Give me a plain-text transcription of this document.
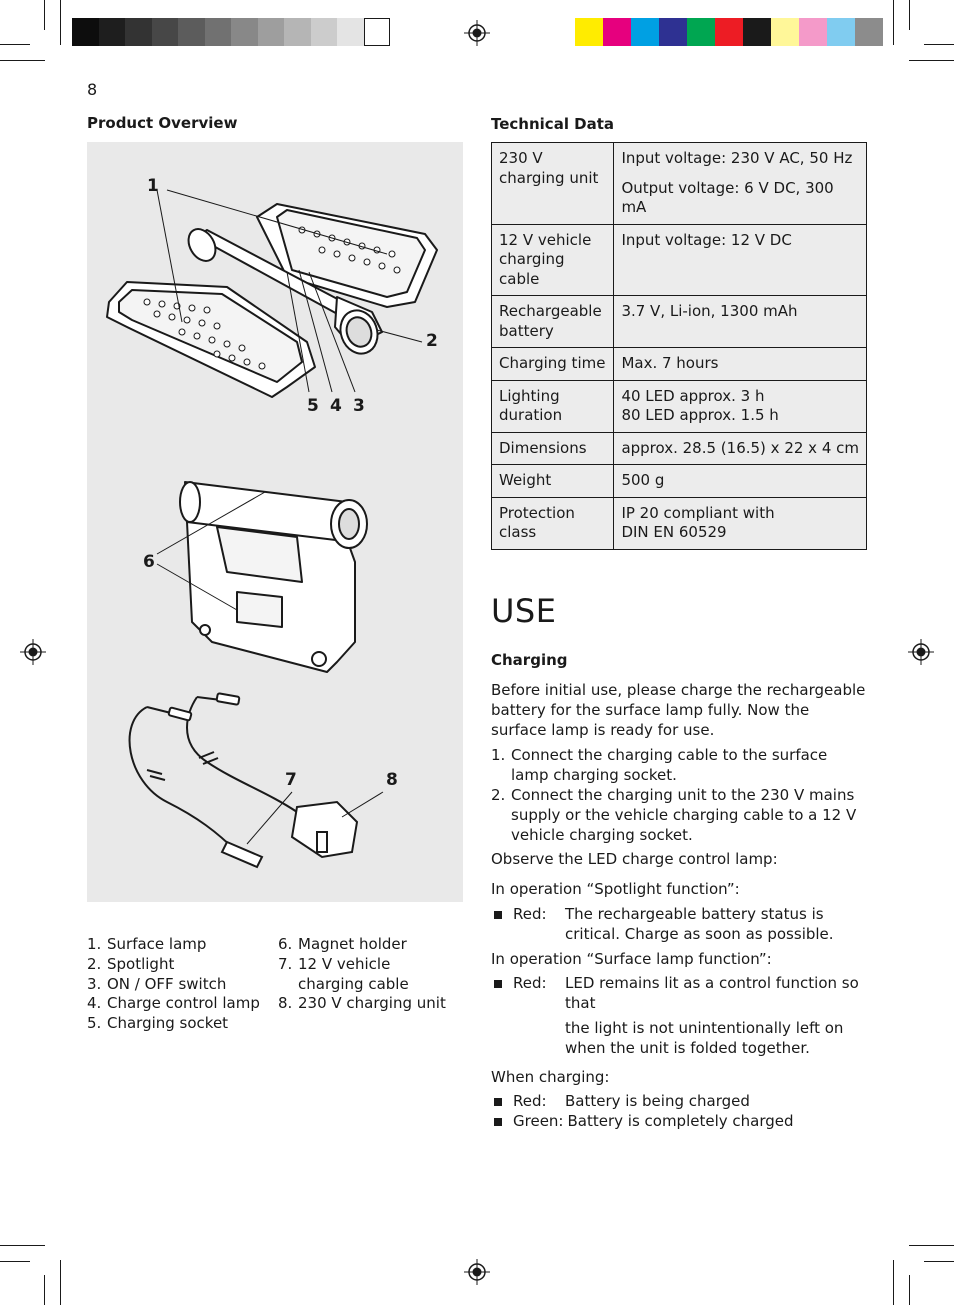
8
Product Overview
1
2
5 4 3
6
7	8
1. Surface lamp
2. Spotlight
3. ON / OFF switch
4. Charge control lamp
5. Charging socket
6. Magnet holder
7. 12 V vehicle charging cable
8. 230 V charging unit
Technical Data
230 V charging unit	Input voltage: 230 V AC, 50 Hz

Output voltage: 6 V DC, 300 mA

12 V vehicle charging cable	Input voltage: 12 V DC

Rechargeable battery	3.7 V, Li-ion, 1300 mAh

Charging time	Max. 7 hours

Lighting duration	40 LED approx. 3 h
80 LED approx. 1.5 h

Dimensions	approx. 28.5 (16.5) x 22 x 4 cm

Weight	500 g

Protection class	IP 20 compliant with DIN EN 60529

USE
Charging

Before initial use, please charge the rechargeable battery for the surface lamp fully. Now the surface lamp is ready for use.

1. Connect the charging cable to the surface lamp charging socket.
2. Connect the charging unit to the 230 V mains supply or the vehicle charging cable to a 12 V vehicle charging socket.

Observe the LED charge control lamp:

In operation “Spotlight function”:

Red:	The rechargeable battery status is critical. Charge as soon as possible.

In operation “Surface lamp function”:

Red:	LED remains lit as a control function so that
the light is not unintentionally left on when the unit is folded together.

When charging:

Red:	Battery is being charged
Green: Battery is completely charged
